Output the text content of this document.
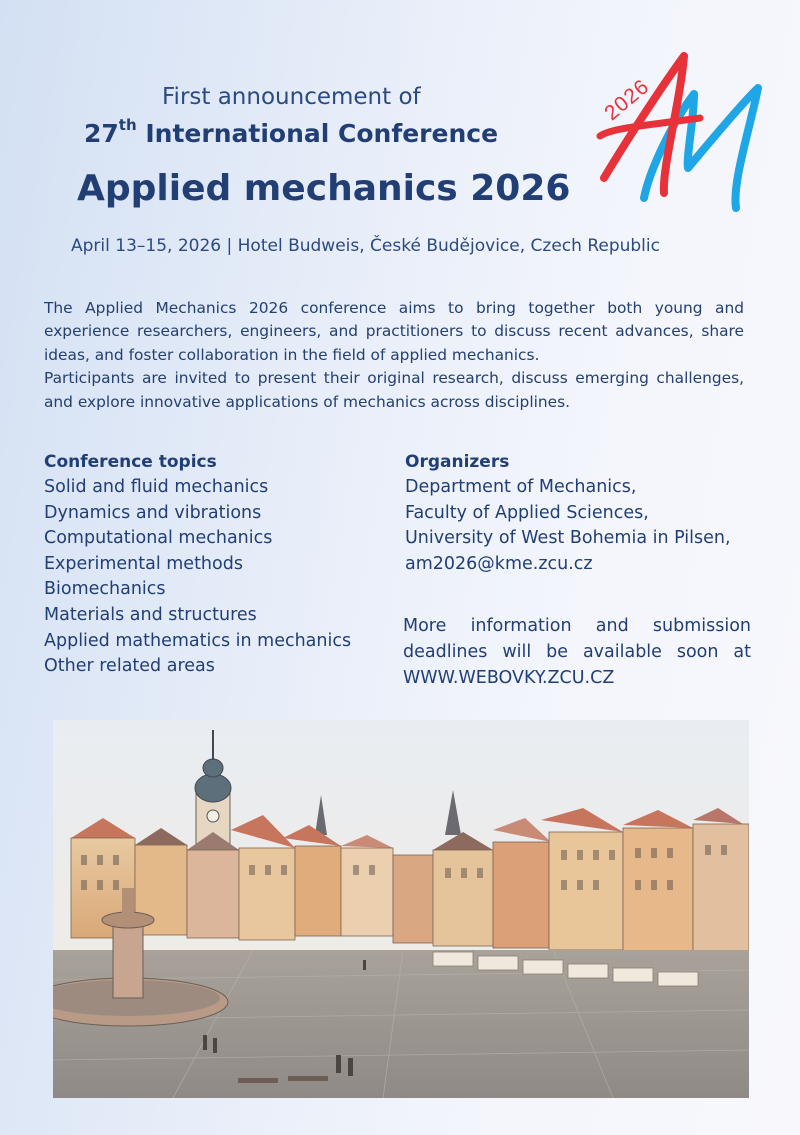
First announcement of
27th International Conference
Applied mechanics 2026
April 13–15, 2026 | Hotel Budweis, České Budějovice, Czech Republic
2026

The Applied Mechanics 2026 conference aims to bring together both young and experience researchers, engineers, and practitioners to discuss recent advances, share ideas, and foster collaboration in the field of applied mechanics.

Participants are invited to present their original research, discuss emerging challenges, and explore innovative applications of mechanics across disciplines.

Conference topics
Solid and fluid mechanics
Dynamics and vibrations
Computational mechanics
Experimental methods
Biomechanics
Materials and structures
Applied mathematics in mechanics
Other related areas
Organizers
Department of Mechanics,
Faculty of Applied Sciences,
University of West Bohemia in Pilsen,
am2026@kme.zcu.cz
More information and submission deadlines will be available soon at WWW.WEBOVKY.ZCU.CZ
